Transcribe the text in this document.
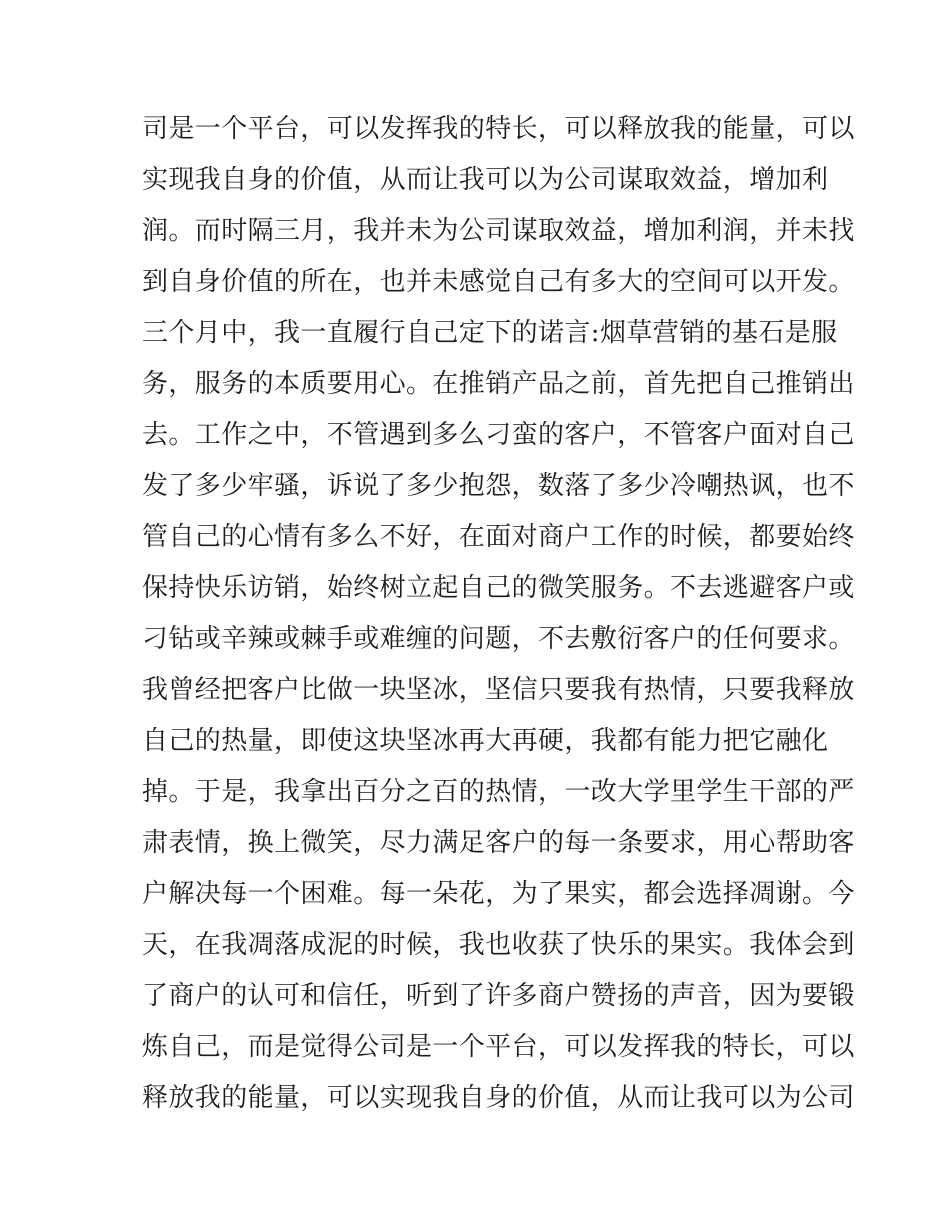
司是一个平台，可以发挥我的特长，可以释放我的能量，可以
实现我自身的价值，从而让我可以为公司谋取效益，增加利
润。而时隔三月，我并未为公司谋取效益，增加利润，并未找
到自身价值的所在，也并未感觉自己有多大的空间可以开发。
三个月中，我一直履行自己定下的诺言:烟草营销的基石是服
务，服务的本质要用心。在推销产品之前，首先把自己推销出
去。工作之中，不管遇到多么刁蛮的客户，不管客户面对自己
发了多少牢骚，诉说了多少抱怨，数落了多少冷嘲热讽，也不
管自己的心情有多么不好，在面对商户工作的时候，都要始终
保持快乐访销，始终树立起自己的微笑服务。不去逃避客户或
刁钻或辛辣或棘手或难缠的问题，不去敷衍客户的任何要求。
我曾经把客户比做一块坚冰，坚信只要我有热情，只要我释放
自己的热量，即使这块坚冰再大再硬，我都有能力把它融化
掉。于是，我拿出百分之百的热情，一改大学里学生干部的严
肃表情，换上微笑，尽力满足客户的每一条要求，用心帮助客
户解决每一个困难。每一朵花，为了果实，都会选择凋谢。今
天，在我凋落成泥的时候，我也收获了快乐的果实。我体会到
了商户的认可和信任，听到了许多商户赞扬的声音，因为要锻
炼自己，而是觉得公司是一个平台，可以发挥我的特长，可以
释放我的能量，可以实现我自身的价值，从而让我可以为公司
